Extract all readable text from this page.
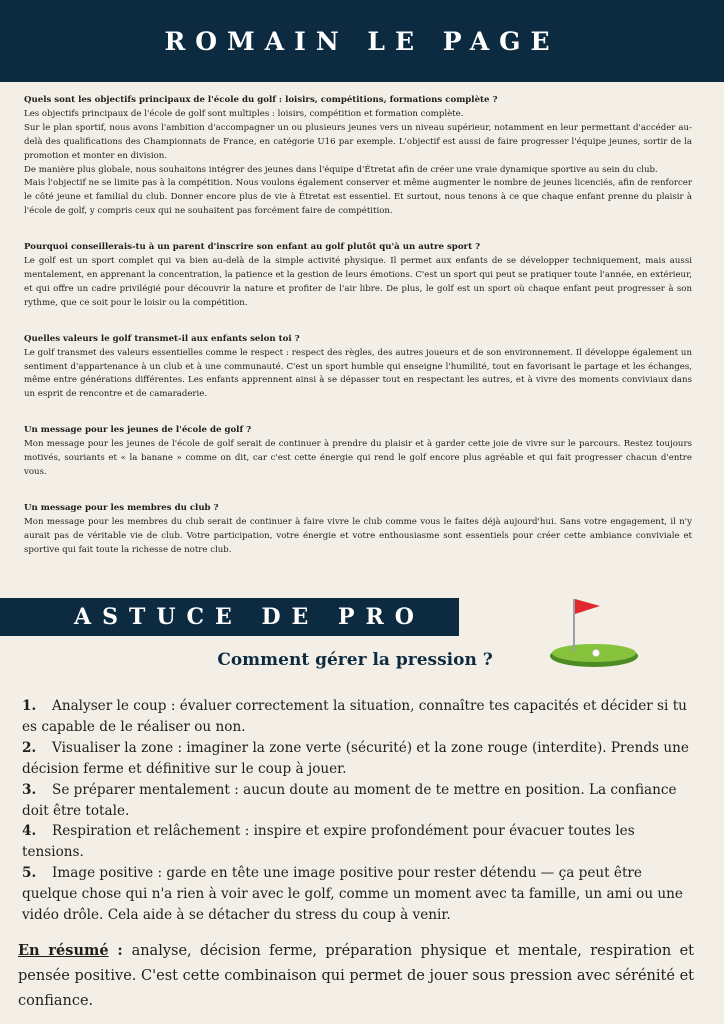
ROMAIN LE PAGE

Quels sont les objectifs principaux de l'école du golf : loisirs, compétitions, formations complète ?

Les objectifs principaux de l'école de golf sont multiples : loisirs, compétition et formation complète.

Sur le plan sportif, nous avons l'ambition d'accompagner un ou plusieurs jeunes vers un niveau supérieur, notamment en leur permettant d'accéder au-delà des qualifications des Championnats de France, en catégorie U16 par exemple. L'objectif est aussi de faire progresser l'équipe jeunes, sortir de la promotion et monter en division.

De manière plus globale, nous souhaitons intégrer des jeunes dans l'équipe d'Étretat afin de créer une vraie dynamique sportive au sein du club.

Mais l'objectif ne se limite pas à la compétition. Nous voulons également conserver et même augmenter le nombre de jeunes licenciés, afin de renforcer le côté jeune et familial du club. Donner encore plus de vie à Étretat est essentiel. Et surtout, nous tenons à ce que chaque enfant prenne du plaisir à l'école de golf, y compris ceux qui ne souhaitent pas forcément faire de compétition.

Pourquoi conseillerais-tu à un parent d'inscrire son enfant au golf plutôt qu'à un autre sport ?

Le golf est un sport complet qui va bien au-delà de la simple activité physique. Il permet aux enfants de se développer techniquement, mais aussi mentalement, en apprenant la concentration, la patience et la gestion de leurs émotions. C'est un sport qui peut se pratiquer toute l'année, en extérieur, et qui offre un cadre privilégié pour découvrir la nature et profiter de l'air libre. De plus, le golf est un sport où chaque enfant peut progresser à son rythme, que ce soit pour le loisir ou la compétition.

Quelles valeurs le golf transmet-il aux enfants selon toi ?

Le golf transmet des valeurs essentielles comme le respect : respect des règles, des autres joueurs et de son environnement. Il développe également un sentiment d'appartenance à un club et à une communauté. C'est un sport humble qui enseigne l'humilité, tout en favorisant le partage et les échanges, même entre générations différentes. Les enfants apprennent ainsi à se dépasser tout en respectant les autres, et à vivre des moments conviviaux dans un esprit de rencontre et de camaraderie.

Un message pour les jeunes de l'école de golf ?

Mon message pour les jeunes de l'école de golf serait de continuer à prendre du plaisir et à garder cette joie de vivre sur le parcours. Restez toujours motivés, souriants et « la banane » comme on dit, car c'est cette énergie qui rend le golf encore plus agréable et qui fait progresser chacun d'entre vous.

Un message pour les membres du club ?

Mon message pour les membres du club serait de continuer à faire vivre le club comme vous le faites déjà aujourd'hui. Sans votre engagement, il n'y aurait pas de véritable vie de club. Votre participation, votre énergie et votre enthousiasme sont essentiels pour créer cette ambiance conviviale et sportive qui fait toute la richesse de notre club.

ASTUCE DE PRO
Comment gérer la pression ?
1. Analyser le coup : évaluer correctement la situation, connaître tes capacités et décider si tu es capable de le réaliser ou non.
2. Visualiser la zone : imaginer la zone verte (sécurité) et la zone rouge (interdite). Prends une décision ferme et définitive sur le coup à jouer.
3. Se préparer mentalement : aucun doute au moment de te mettre en position. La confiance doit être totale.
4. Respiration et relâchement : inspire et expire profondément pour évacuer toutes les tensions.
5. Image positive : garde en tête une image positive pour rester détendu — ça peut être quelque chose qui n'a rien à voir avec le golf, comme un moment avec ta famille, un ami ou une vidéo drôle. Cela aide à se détacher du stress du coup à venir.

En résumé : analyse, décision ferme, préparation physique et mentale, respiration et pensée positive. C'est cette combinaison qui permet de jouer sous pression avec sérénité et confiance.
